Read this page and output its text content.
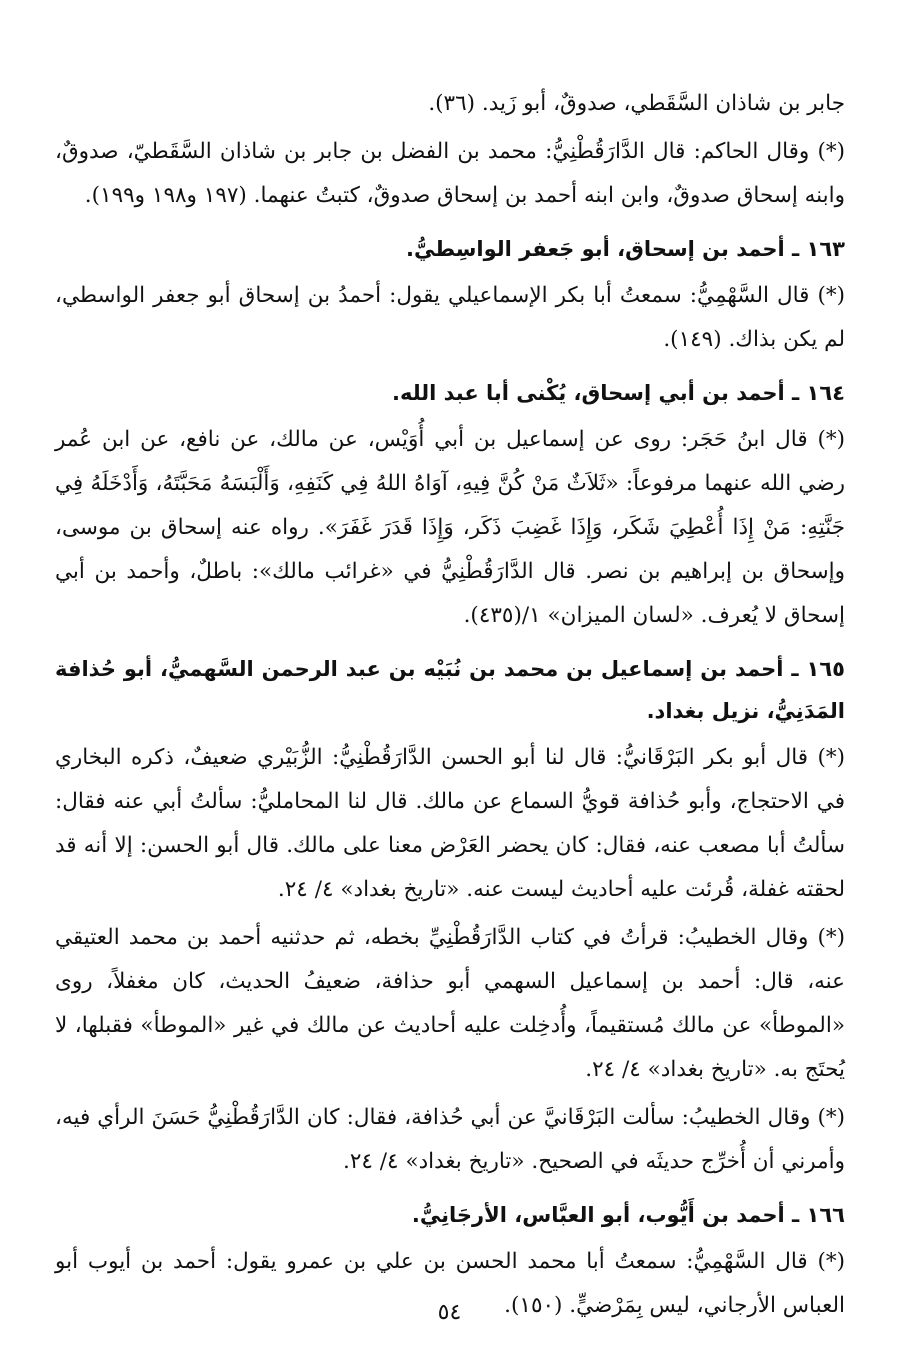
جابر بن شاذان السَّقَطي، صدوقٌ، أبو زَيد. (٣٦).

(*) وقال الحاكم: قال الدَّارَقُطْنِيُّ: محمد بن الفضل بن جابر بن شاذان السَّقَطيّ، صدوقٌ، وابنه إسحاق صدوقٌ، وابن ابنه أحمد بن إسحاق صدوقٌ، كتبتُ عنهما. (١٩٧ و١٩٨ و١٩٩).

١٦٣ ـ أحمد بن إسحاق، أبو جَعفر الواسِطيُّ.

(*) قال السَّهْمِيُّ: سمعتُ أبا بكر الإسماعيلي يقول: أحمدُ بن إسحاق أبو جعفر الواسطي، لم يكن بذاك. (١٤٩).

١٦٤ ـ أحمد بن أبي إسحاق، يُكْنى أبا عبد الله.

(*) قال ابنُ حَجَر: روى عن إسماعيل بن أبي أُوَيْس، عن مالك، عن نافع، عن ابن عُمر رضي الله عنهما مرفوعاً: «ثَلاَثٌ مَنْ كُنَّ فِيهِ، آوَاهُ اللهُ فِي كَنَفِهِ، وَأَلْبَسَهُ مَحَبَّتَهُ، وَأَدْخَلَهُ فِي جَنَّتِهِ: مَنْ إِذَا أُعْطِيَ شَكَر، وَإِذَا غَضِبَ ذَكَر، وَإِذَا قَدَرَ غَفَرَ». رواه عنه إسحاق بن موسى، وإسحاق بن إبراهيم بن نصر. قال الدَّارَقُطْنِيُّ في «غرائب مالك»: باطلٌ، وأحمد بن أبي إسحاق لا يُعرف. «لسان الميزان» ١/(٤٣٥).

١٦٥ ـ أحمد بن إسماعيل بن محمد بن نُبَيْه بن عبد الرحمن السَّهميُّ، أبو حُذافة المَدَنِيُّ، نزيل بغداد.

(*) قال أبو بكر البَرْقَانيُّ: قال لنا أبو الحسن الدَّارَقُطْنِيُّ: الزُّبَيْري ضعيفٌ، ذكره البخاري في الاحتجاج، وأبو حُذافة قويُّ السماع عن مالك. قال لنا المحامليُّ: سألتُ أبي عنه فقال: سألتُ أبا مصعب عنه، فقال: كان يحضر العَرْض معنا على مالك. قال أبو الحسن: إلا أنه قد لحقته غفلة، قُرئت عليه أحاديث ليست عنه. «تاريخ بغداد» ٤/ ٢٤.

(*) وقال الخطيبُ: قرأتُ في كتاب الدَّارَقُطْنِيِّ بخطه، ثم حدثنيه أحمد بن محمد العتيقي عنه، قال: أحمد بن إسماعيل السهمي أبو حذافة، ضعيفُ الحديث، كان مغفلاً، روى «الموطأ» عن مالك مُستقيماً، وأُدخِلت عليه أحاديث عن مالك في غير «الموطأ» فقبلها، لا يُحتَج به. «تاريخ بغداد» ٤/ ٢٤.

(*) وقال الخطيبُ: سألت البَرْقَانيَّ عن أبي حُذافة، فقال: كان الدَّارَقُطْنِيُّ حَسَنَ الرأي فيه، وأمرني أن أُخرِّج حديثَه في الصحيح. «تاريخ بغداد» ٤/ ٢٤.

١٦٦ ـ أحمد بن أَيُّوب، أبو العبَّاس، الأرجَانِيُّ.

(*) قال السَّهْمِيُّ: سمعتُ أبا محمد الحسن بن علي بن عمرو يقول: أحمد بن أيوب أبو العباس الأرجاني، ليس بِمَرْضيٍّ. (١٥٠).

٥٤
